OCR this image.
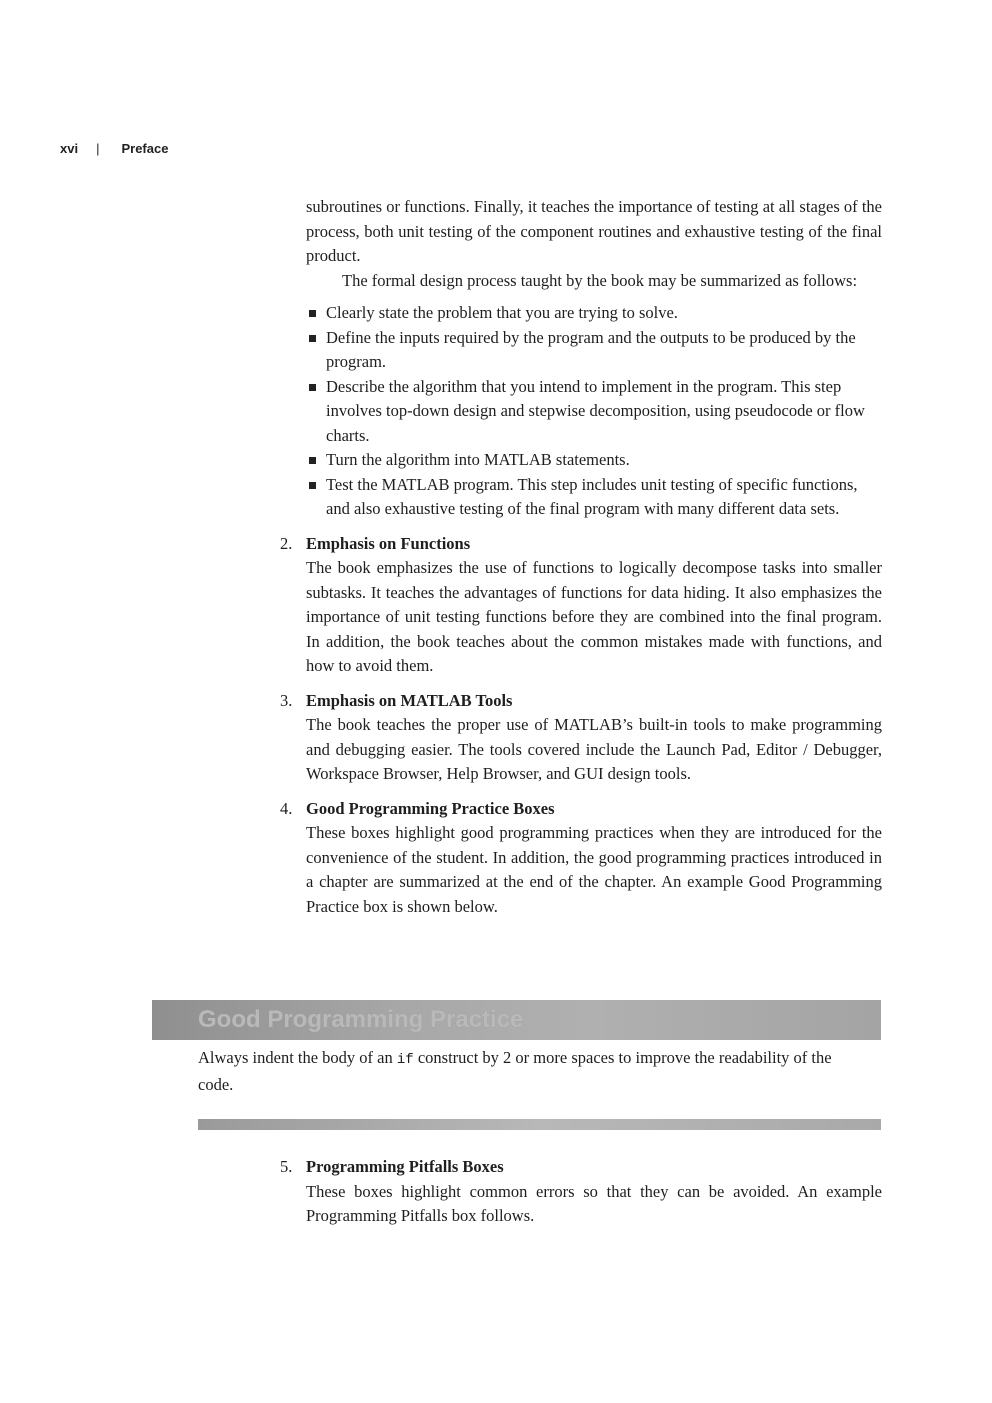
xvi | Preface

subroutines or functions. Finally, it teaches the importance of testing at all stages of the process, both unit testing of the component routines and exhaustive testing of the final product.

The formal design process taught by the book may be summarized as follows:

Clearly state the problem that you are trying to solve.
Define the inputs required by the program and the outputs to be produced by the program.
Describe the algorithm that you intend to implement in the program. This step involves top-down design and stepwise decomposition, using pseudocode or flow charts.
Turn the algorithm into MATLAB statements.
Test the MATLAB program. This step includes unit testing of specific functions, and also exhaustive testing of the final program with many different data sets.
2. Emphasis on Functions

The book emphasizes the use of functions to logically decompose tasks into smaller subtasks. It teaches the advantages of functions for data hiding. It also emphasizes the importance of unit testing functions before they are combined into the final program. In addition, the book teaches about the common mistakes made with functions, and how to avoid them.

3. Emphasis on MATLAB Tools

The book teaches the proper use of MATLAB’s built-in tools to make programming and debugging easier. The tools covered include the Launch Pad, Editor / Debugger, Workspace Browser, Help Browser, and GUI design tools.

4. Good Programming Practice Boxes

These boxes highlight good programming practices when they are introduced for the convenience of the student. In addition, the good programming practices introduced in a chapter are summarized at the end of the chapter. An example Good Programming Practice box is shown below.

Good Programming Practice

Always indent the body of an if construct by 2 or more spaces to improve the readability of the code.

5. Programming Pitfalls Boxes

These boxes highlight common errors so that they can be avoided. An example Programming Pitfalls box follows.
